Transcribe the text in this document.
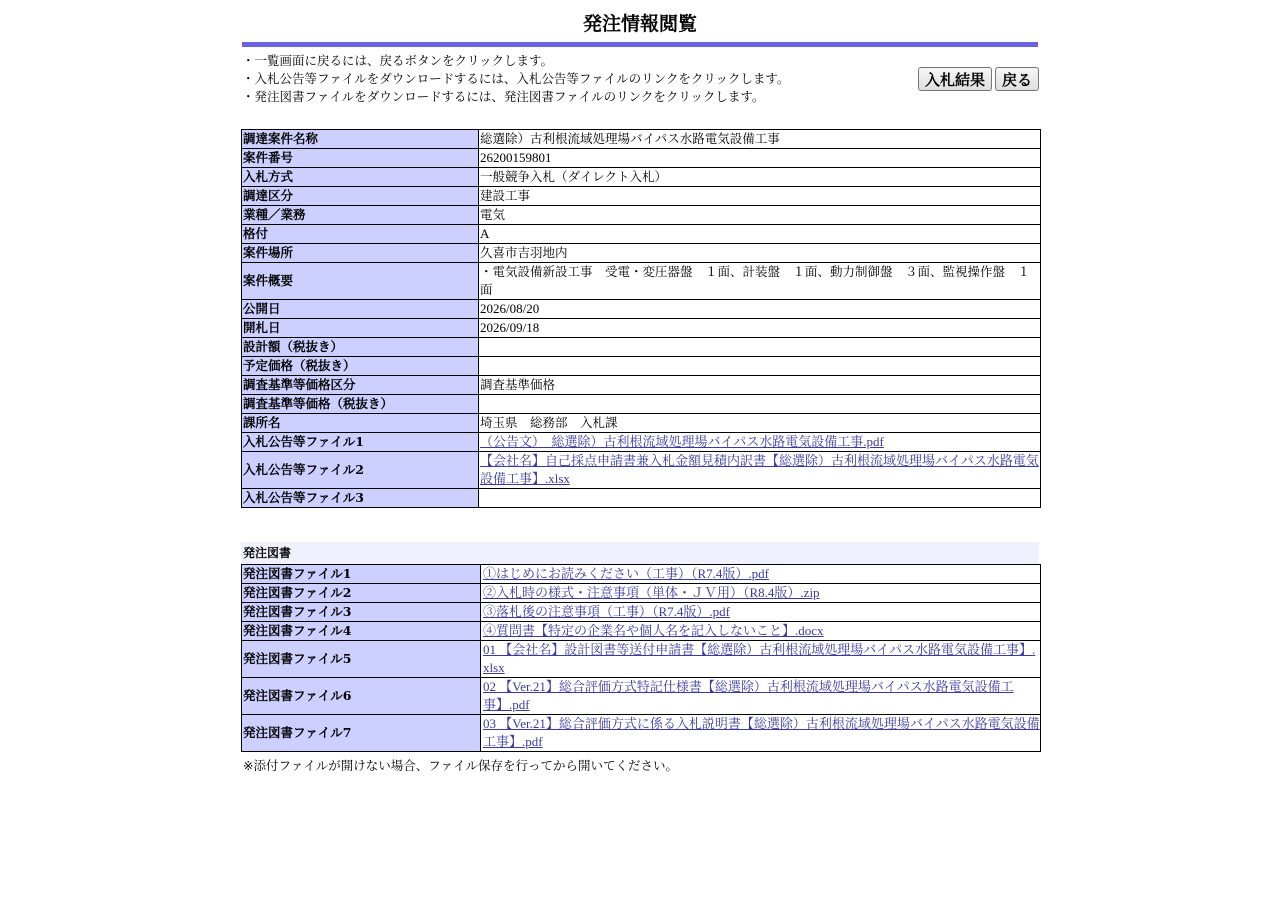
発注情報閲覧
・一覧画面に戻るには、戻るボタンをクリックします。
・入札公告等ファイルをダウンロードするには、入札公告等ファイルのリンクをクリックします。
・発注図書ファイルをダウンロードするには、発注図書ファイルのリンクをクリックします。
入札結果	戻る
調達案件名称	総選除）古利根流域処理場バイパス水路電気設備工事
案件番号	26200159801
入札方式	一般競争入札（ダイレクト入札）
調達区分	建設工事
業種／業務	電気
格付	A
案件場所	久喜市吉羽地内
案件概要	・電気設備新設工事　受電・変圧器盤　１面、計装盤　１面、動力制御盤　３面、監視操作盤　１面
公開日	2026/08/20
開札日	2026/09/18
設計額（税抜き）	
予定価格（税抜き）	
調査基準等価格区分	調査基準価格
調査基準等価格（税抜き）	
課所名	埼玉県　総務部　入札課
入札公告等ファイル1	（公告文）　総選除）古利根流域処理場バイパス水路電気設備工事.pdf
入札公告等ファイル2	【会社名】自己採点申請書兼入札金額見積内訳書【総選除）古利根流域処理場バイパス水路電気設備工事】.xlsx
入札公告等ファイル3	
発注図書
発注図書ファイル1	①はじめにお読みください（工事）（R7.4版）.pdf
発注図書ファイル2	②入札時の様式・注意事項（単体・ＪＶ用）（R8.4版）.zip
発注図書ファイル3	③落札後の注意事項（工事）（R7.4版）.pdf
発注図書ファイル4	④質問書【特定の企業名や個人名を記入しないこと】.docx
発注図書ファイル5	01 【会社名】設計図書等送付申請書【総選除）古利根流域処理場バイパス水路電気設備工事】.xlsx
発注図書ファイル6	02 【Ver.21】総合評価方式特記仕様書【総選除）古利根流域処理場バイパス水路電気設備工事】.pdf
発注図書ファイル7	03 【Ver.21】総合評価方式に係る入札説明書【総選除）古利根流域処理場バイパス水路電気設備工事】.pdf
※添付ファイルが開けない場合、ファイル保存を行ってから開いてください。
